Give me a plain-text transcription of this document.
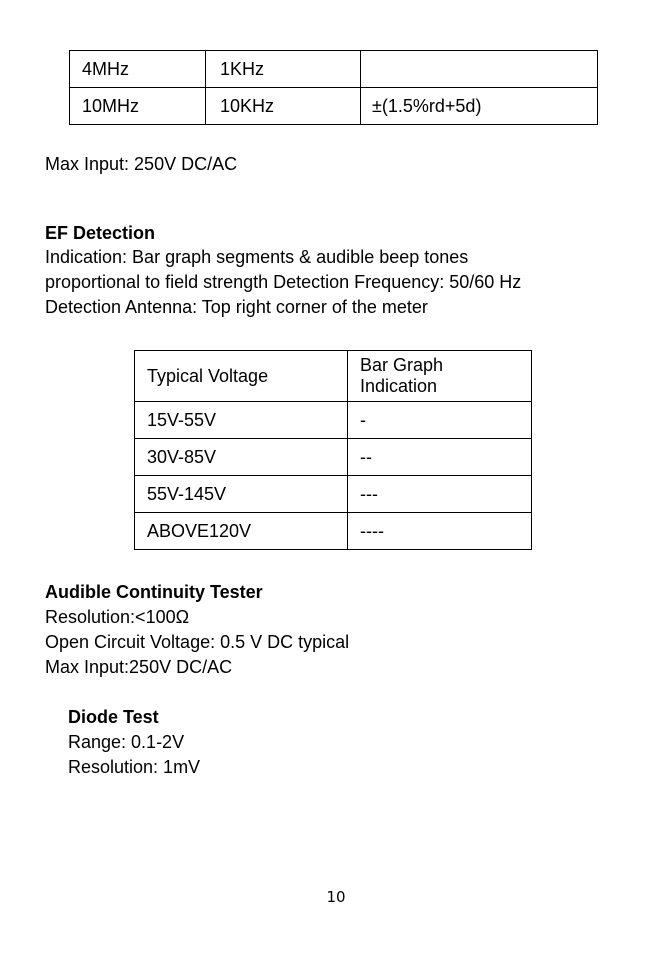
4MHz	1KHz	
10MHz	10KHz	±(1.5%rd+5d)
Max Input: 250V DC/AC
EF Detection
Indication: Bar graph segments & audible beep tones
proportional to field strength Detection Frequency: 50/60 Hz
Detection Antenna: Top right corner of the meter
Typical Voltage	Bar Graph
Indication

15V-55V	-
30V-85V	--
55V-145V	---
ABOVE120V	----
Audible Continuity Tester
Resolution:<100Ω
Open Circuit Voltage: 0.5 V DC typical
Max Input:250V DC/AC
Diode Test
Range: 0.1-2V
Resolution: 1mV
10
